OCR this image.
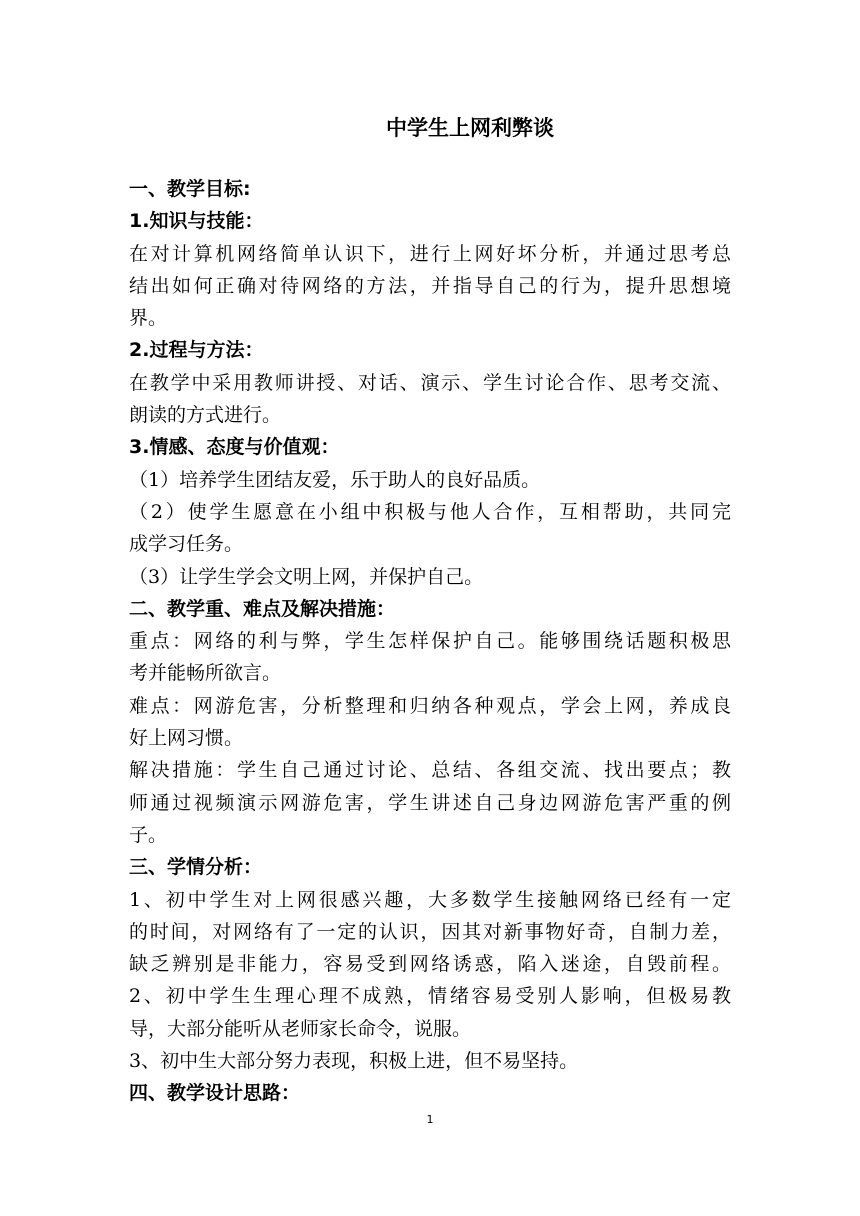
中学生上网利弊谈
一、教学目标:
1.知识与技能：
在对计算机网络简单认识下，进行上网好坏分析，并通过思考总
结出如何正确对待网络的方法，并指导自己的行为，提升思想境
界。
2.过程与方法：
在教学中采用教师讲授、对话、演示、学生讨论合作、思考交流、
朗读的方式进行。
3.情感、态度与价值观：
（1）培养学生团结友爱，乐于助人的良好品质。
（2）使学生愿意在小组中积极与他人合作，互相帮助，共同完
成学习任务。
（3）让学生学会文明上网，并保护自己。
二、教学重、难点及解决措施：
重点：网络的利与弊，学生怎样保护自己。能够围绕话题积极思
考并能畅所欲言。
难点：网游危害，分析整理和归纳各种观点，学会上网，养成良
好上网习惯。
解决措施：学生自己通过讨论、总结、各组交流、找出要点；教
师通过视频演示网游危害，学生讲述自己身边网游危害严重的例
子。
三、学情分析：
1、初中学生对上网很感兴趣，大多数学生接触网络已经有一定
的时间，对网络有了一定的认识，因其对新事物好奇，自制力差，
缺乏辨别是非能力，容易受到网络诱惑，陷入迷途，自毁前程。
2、初中学生生理心理不成熟，情绪容易受别人影响，但极易教
导，大部分能听从老师家长命令，说服。
3、初中生大部分努力表现，积极上进，但不易坚持。
四、教学设计思路：
1
